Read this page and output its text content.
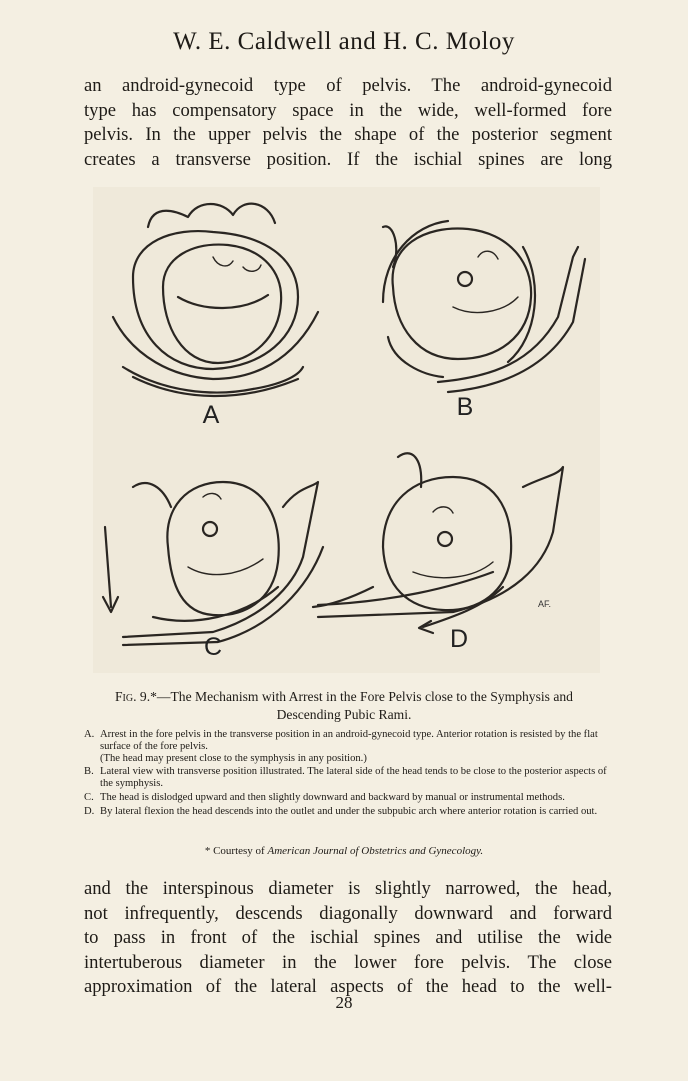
W. E. Caldwell and H. C. Moloy
an android-gynecoid type of pelvis. The android-gynecoid
type has compensatory space in the wide, well-formed fore
pelvis. In the upper pelvis the shape of the posterior segment
creates a transverse position. If the ischial spines are long
AF.
A	B
C	D
Fig. 9.*—The Mechanism with Arrest in the Fore Pelvis close to the Symphysis and Descending Pubic Rami.
A. Arrest in the fore pelvis in the transverse position in an android-gynecoid type. Anterior rotation is resisted by the flat surface of the fore pelvis.
(The head may present close to the symphysis in any position.)
B. Lateral view with transverse position illustrated. The lateral side of the head tends to be close to the posterior aspects of the symphysis.
C. The head is dislodged upward and then slightly downward and backward by manual or instrumental methods.
D. By lateral flexion the head descends into the outlet and under the subpubic arch where anterior rotation is carried out.
* Courtesy of American Journal of Obstetrics and Gynecology.
and the interspinous diameter is slightly narrowed, the head,
not infrequently, descends diagonally downward and forward
to pass in front of the ischial spines and utilise the wide
intertuberous diameter in the lower fore pelvis. The close
approximation of the lateral aspects of the head to the well-
28
